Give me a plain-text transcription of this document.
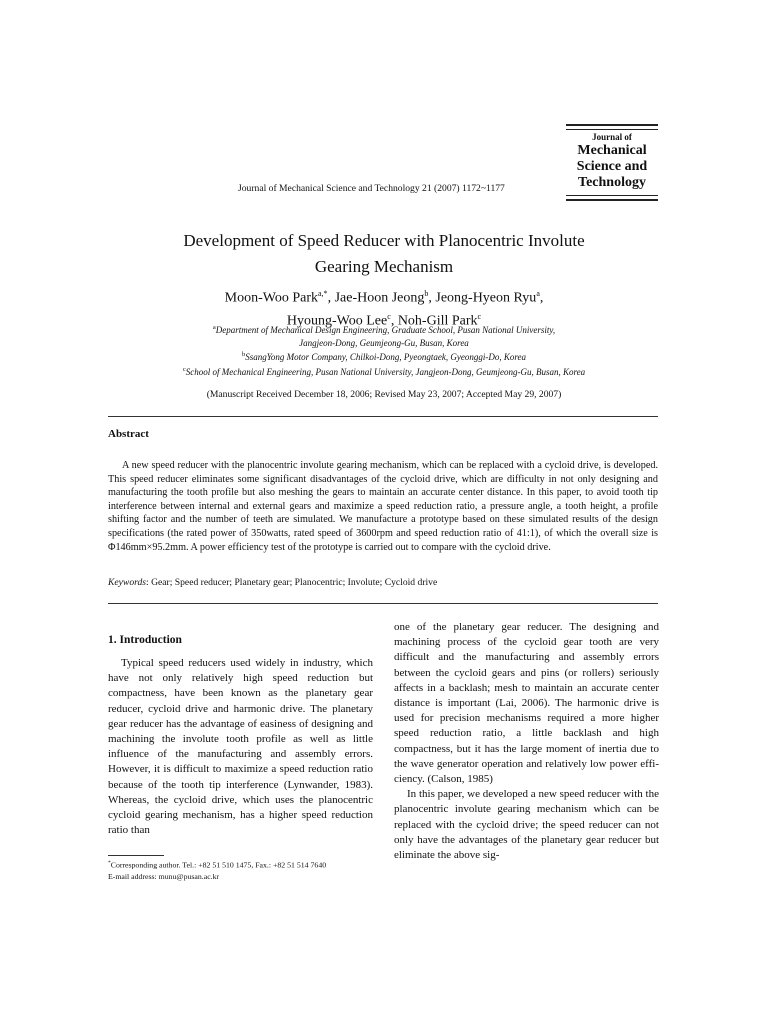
Journal of
Mechanical
Science and
Technology
Journal of Mechanical Science and Technology 21 (2007) 1172~1177
Development of Speed Reducer with Planocentric Involute
Gearing Mechanism
Moon-Woo Park$^{a,*}$, Jae-Hoon Jeong$^b$, Jeong-Hyeon Ryu$^a$,
Hyoung-Woo Lee$^c$, Noh-Gill Park$^c$
$^a$Department of Mechanical Design Engineering, Graduate School, Pusan National University,
Jangjeon-Dong, Geumjeong-Gu, Busan, Korea
$^b$SsangYong Motor Company, Chilkoi-Dong, Pyeongtaek, Gyeonggi-Do, Korea
$^c$School of Mechanical Engineering, Pusan National University, Jangjeon-Dong, Geumjeong-Gu, Busan, Korea
(Manuscript Received December 18, 2006; Revised May 23, 2007; Accepted May 29, 2007)
Abstract
A new speed reducer with the planocentric involute gearing mechanism, which can be replaced with a cycloid drive, is developed. This speed reducer eliminates some significant disadvantages of the cycloid drive, which are difficulty in not only designing and manufacturing the tooth profile but also meshing the gears to maintain an accurate center distance. In this paper, to avoid tooth tip interference between internal and external gears and maximize a speed reduction ratio, a pressure angle, a tooth height, a profile shifting factor and the number of teeth are simulated. We manufacture a prototype based on these simulated results of the design specifications (the rated power of 350watts, rated speed of 3600rpm and speed reduction ratio of 41:1), of which the overall size is Φ146mm×95.2mm. A power efficiency test of the prototype is carried out to compare with the cycloid drive.
Keywords: Gear; Speed reducer; Planetary gear; Planocentric; Involute; Cycloid drive
1. Introduction

Typical speed reducers used widely in industry, which have not only relatively high speed reduction but compactness, have been known as the planetary gear reducer, cycloid drive and harmonic drive. The planetary gear reducer has the advantage of easiness of designing and machining the involute tooth profile as well as little influence of the manufacturing and assembly errors. However, it is difficult to maximize a speed reduction ratio because of the tooth tip interference (Lynwander, 1983). Whereas, the cycloid drive, which uses the planocentric cycloid gearing mechanism, has a higher speed reduction ratio than

one of the planetary gear reducer. The designing and machining process of the cycloid gear tooth are very difficult and the manufacturing and assembly errors between the cycloid gears and pins (or rollers) seriously affects in a backlash; mesh to maintain an accurate center distance is important (Lai, 2006). The harmonic drive is used for precision mechanisms required a more higher speed reduction ratio, a little backlash and high compactness, but it has the large moment of inertia due to the wave generator operation and relatively low power effi-ciency. (Calson, 1985)

In this paper, we developed a new speed reducer with the planocentric involute gearing mechanism which can be replaced with the cycloid drive; the speed reducer can not only have the advantages of the planetary gear reducer but eliminate the above sig-

*Corresponding author. Tel.: +82 51 510 1475, Fax.: +82 51 514 7640
E-mail address: munu@pusan.ac.kr
